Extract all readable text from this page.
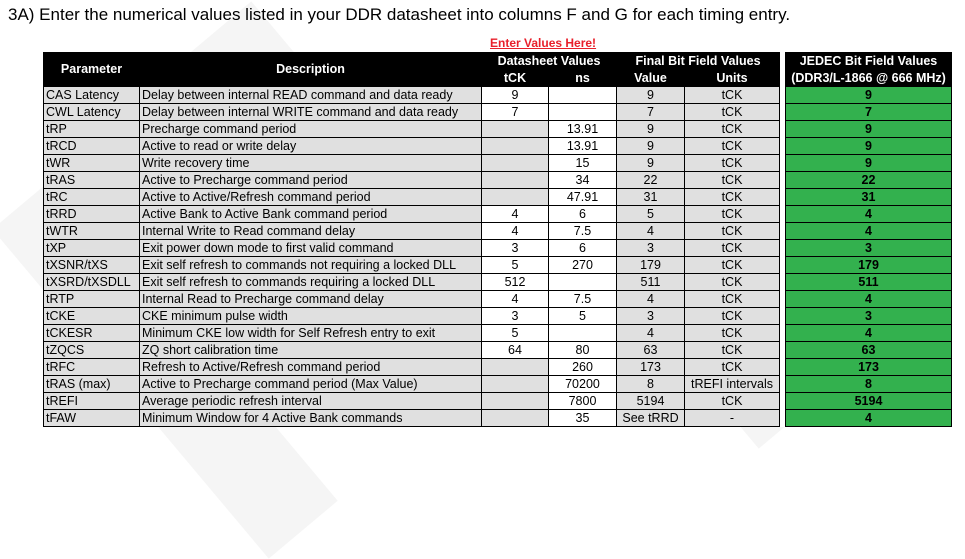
3A) Enter the numerical values listed in your DDR datasheet into columns F and G for each timing entry.
Enter Values Here!
Parameter	Description	Datasheet Values		Final Bit Field Values			JEDEC Bit Field Values
		tCK	ns	Value	Units		(DDR3/L-1866 @ 666 MHz)
CAS Latency	Delay between internal READ command and data ready	9		9	tCK		9
CWL Latency	Delay between internal WRITE command and data ready	7		7	tCK		7
tRP	Precharge command period		13.91	9	tCK		9
tRCD	Active to read or write delay		13.91	9	tCK		9
tWR	Write recovery time		15	9	tCK		9
tRAS	Active to Precharge command period		34	22	tCK		22
tRC	Active to Active/Refresh command period		47.91	31	tCK		31
tRRD	Active Bank to Active Bank command period	4	6	5	tCK		4
tWTR	Internal Write to Read command delay	4	7.5	4	tCK		4
tXP	Exit power down mode to first valid command	3	6	3	tCK		3
tXSNR/tXS	Exit self refresh to commands not requiring a locked DLL	5	270	179	tCK		179
tXSRD/tXSDLL	Exit self refresh to commands requiring a locked DLL	512		511	tCK		511
tRTP	Internal Read to Precharge command delay	4	7.5	4	tCK		4
tCKE	CKE minimum pulse width	3	5	3	tCK		3
tCKESR	Minimum CKE low width for Self Refresh entry to exit	5		4	tCK		4
tZQCS	ZQ short calibration time	64	80	63	tCK		63
tRFC	Refresh to Active/Refresh command period		260	173	tCK		173
tRAS (max)	Active to Precharge command period (Max Value)		70200	8	tREFI intervals		8
tREFI	Average periodic refresh interval		7800	5194	tCK		5194
tFAW	Minimum Window for 4 Active Bank commands		35	See tRRD	-		4
